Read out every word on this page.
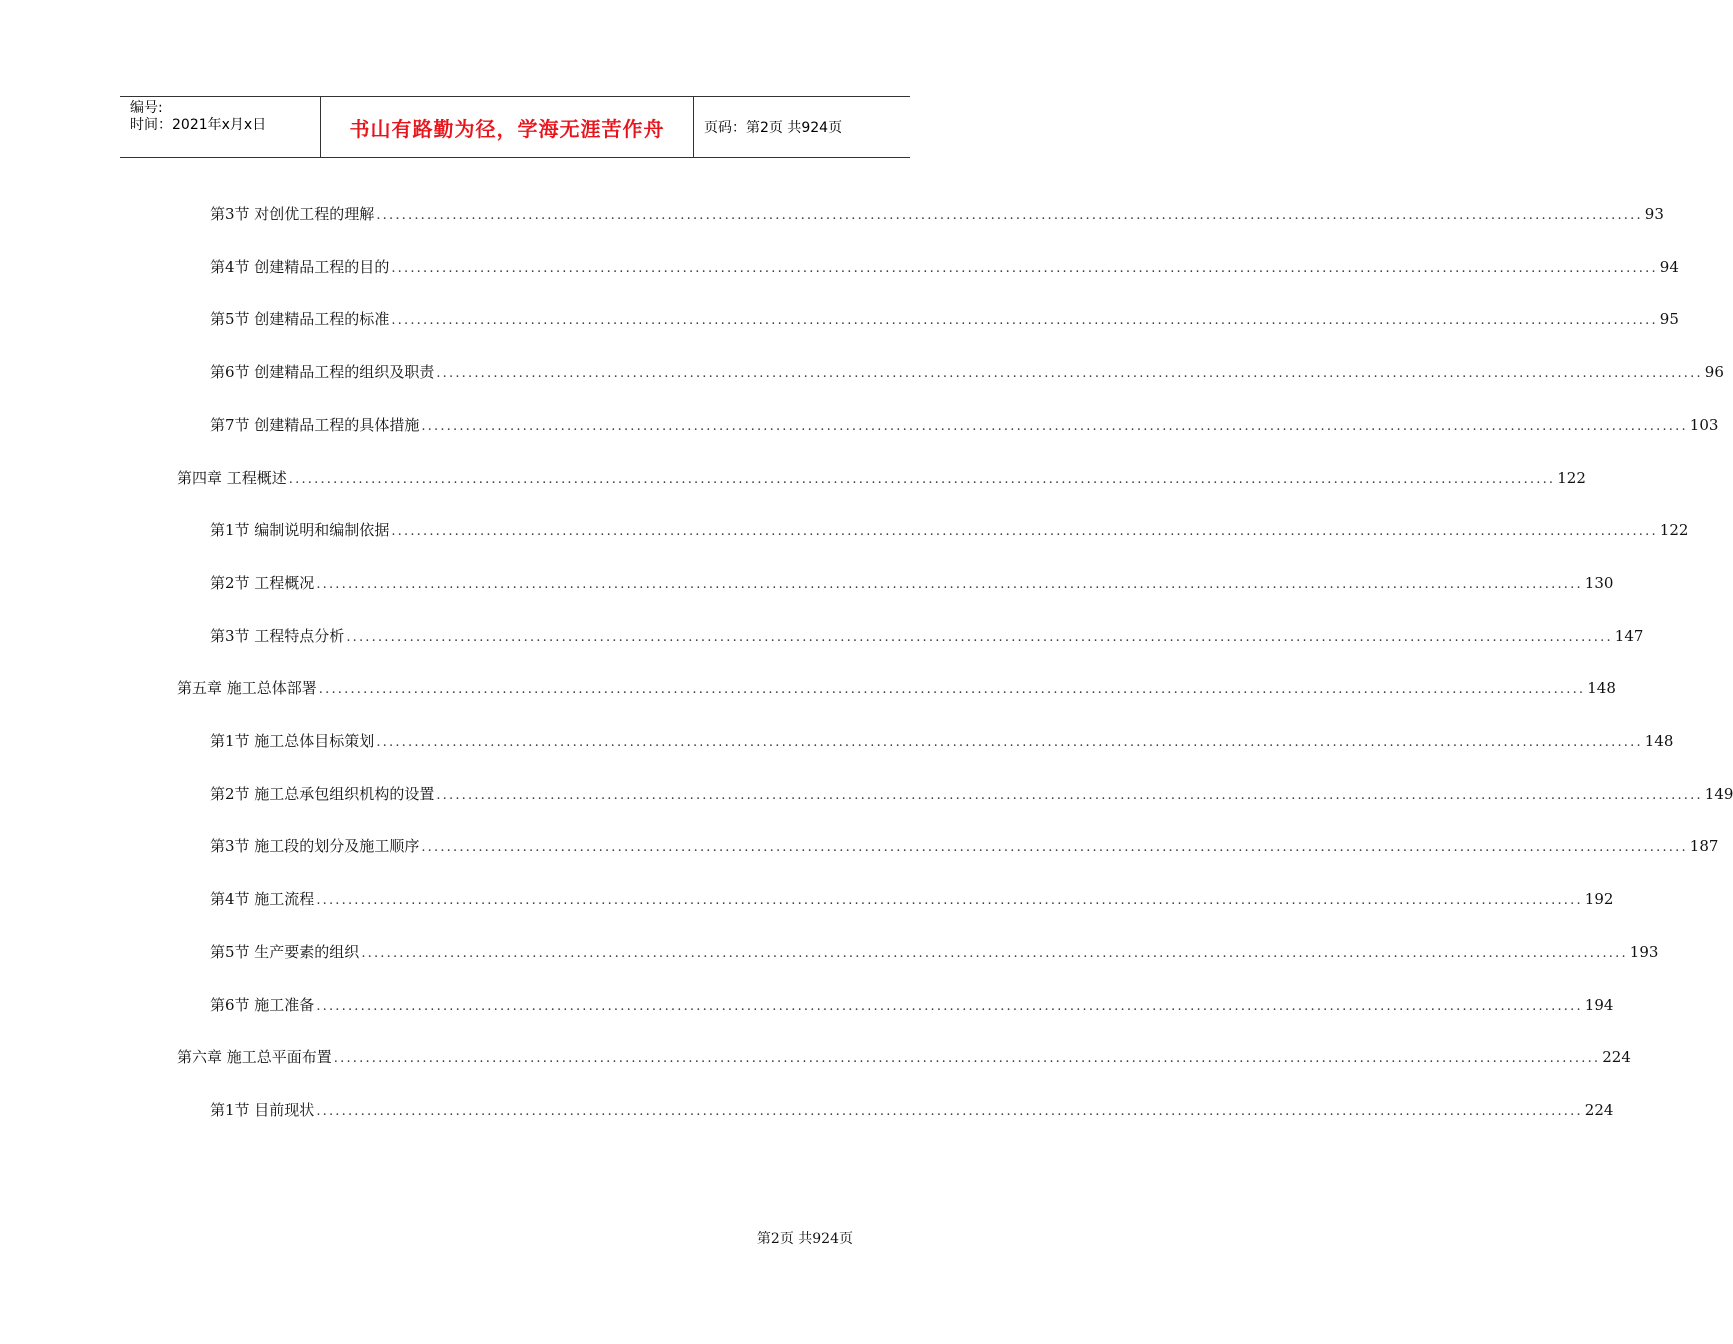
编号:
时间：2021年x月x日	书山有路勤为径，学海无涯苦作舟	页码：第2页 共924页
第3节 对创优工程的理解 ........................................................................................................................................................................................................ 93
第4节 创建精品工程的目的 ........................................................................................................................................................................................................ 94
第5节 创建精品工程的标准 ........................................................................................................................................................................................................ 95
第6节 创建精品工程的组织及职责 ........................................................................................................................................................................................................ 96
第7节 创建精品工程的具体措施 ........................................................................................................................................................................................................ 103
第四章 工程概述 ........................................................................................................................................................................................................ 122
第1节 编制说明和编制依据 ........................................................................................................................................................................................................ 122
第2节 工程概况 ........................................................................................................................................................................................................ 130
第3节 工程特点分析 ........................................................................................................................................................................................................ 147
第五章 施工总体部署 ........................................................................................................................................................................................................ 148
第1节 施工总体目标策划 ........................................................................................................................................................................................................ 148
第2节 施工总承包组织机构的设置 ........................................................................................................................................................................................................ 149
第3节 施工段的划分及施工顺序 ........................................................................................................................................................................................................ 187
第4节 施工流程 ........................................................................................................................................................................................................ 192
第5节 生产要素的组织 ........................................................................................................................................................................................................ 193
第6节 施工准备 ........................................................................................................................................................................................................ 194
第六章 施工总平面布置 ........................................................................................................................................................................................................ 224
第1节 目前现状 ........................................................................................................................................................................................................ 224
第2页 共924页
